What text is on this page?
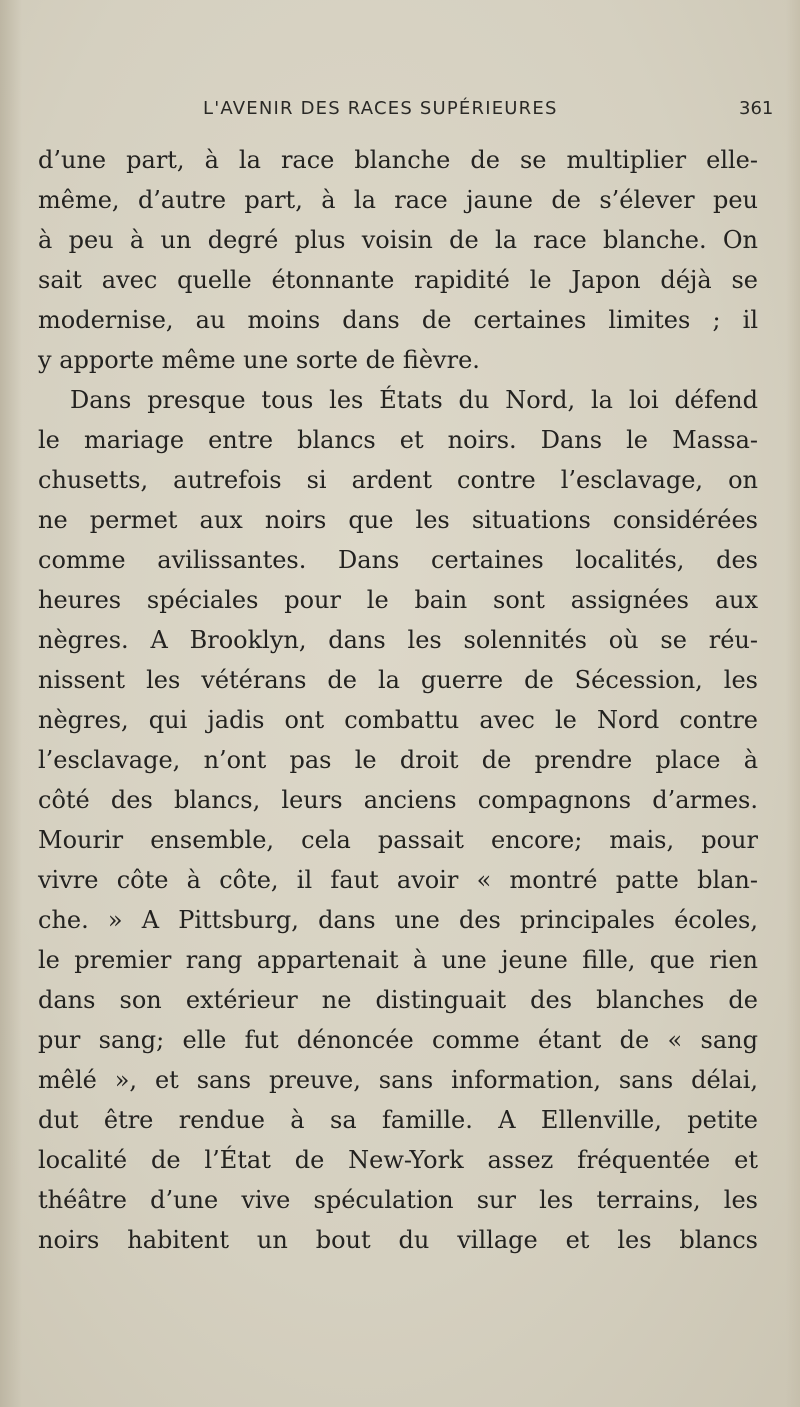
L'AVENIR DES RACES SUPÉRIEURES	361
d’une part, à la race blanche de se multiplier elle-
même, d’autre part, à la race jaune de s’élever peu
à peu à un degré plus voisin de la race blanche. On
sait avec quelle étonnante rapidité le Japon déjà se
modernise, au moins dans de certaines limites ; il
y apporte même une sorte de fièvre.
Dans presque tous les États du Nord, la loi défend
le mariage entre blancs et noirs. Dans le Massa-
chusetts, autrefois si ardent contre l’esclavage, on
ne permet aux noirs que les situations considérées
comme avilissantes. Dans certaines localités, des
heures spéciales pour le bain sont assignées aux
nègres. A Brooklyn, dans les solennités où se réu-
nissent les vétérans de la guerre de Sécession, les
nègres, qui jadis ont combattu avec le Nord contre
l’esclavage, n’ont pas le droit de prendre place à
côté des blancs, leurs anciens compagnons d’armes.
Mourir ensemble, cela passait encore; mais, pour
vivre côte à côte, il faut avoir « montré patte blan-
che. » A Pittsburg, dans une des principales écoles,
le premier rang appartenait à une jeune fille, que rien
dans son extérieur ne distinguait des blanches de
pur sang; elle fut dénoncée comme étant de « sang
mêlé », et sans preuve, sans information, sans délai,
dut être rendue à sa famille. A Ellenville, petite
localité de l’État de New-York assez fréquentée et
théâtre d’une vive spéculation sur les terrains, les
noirs habitent un bout du village et les blancs
